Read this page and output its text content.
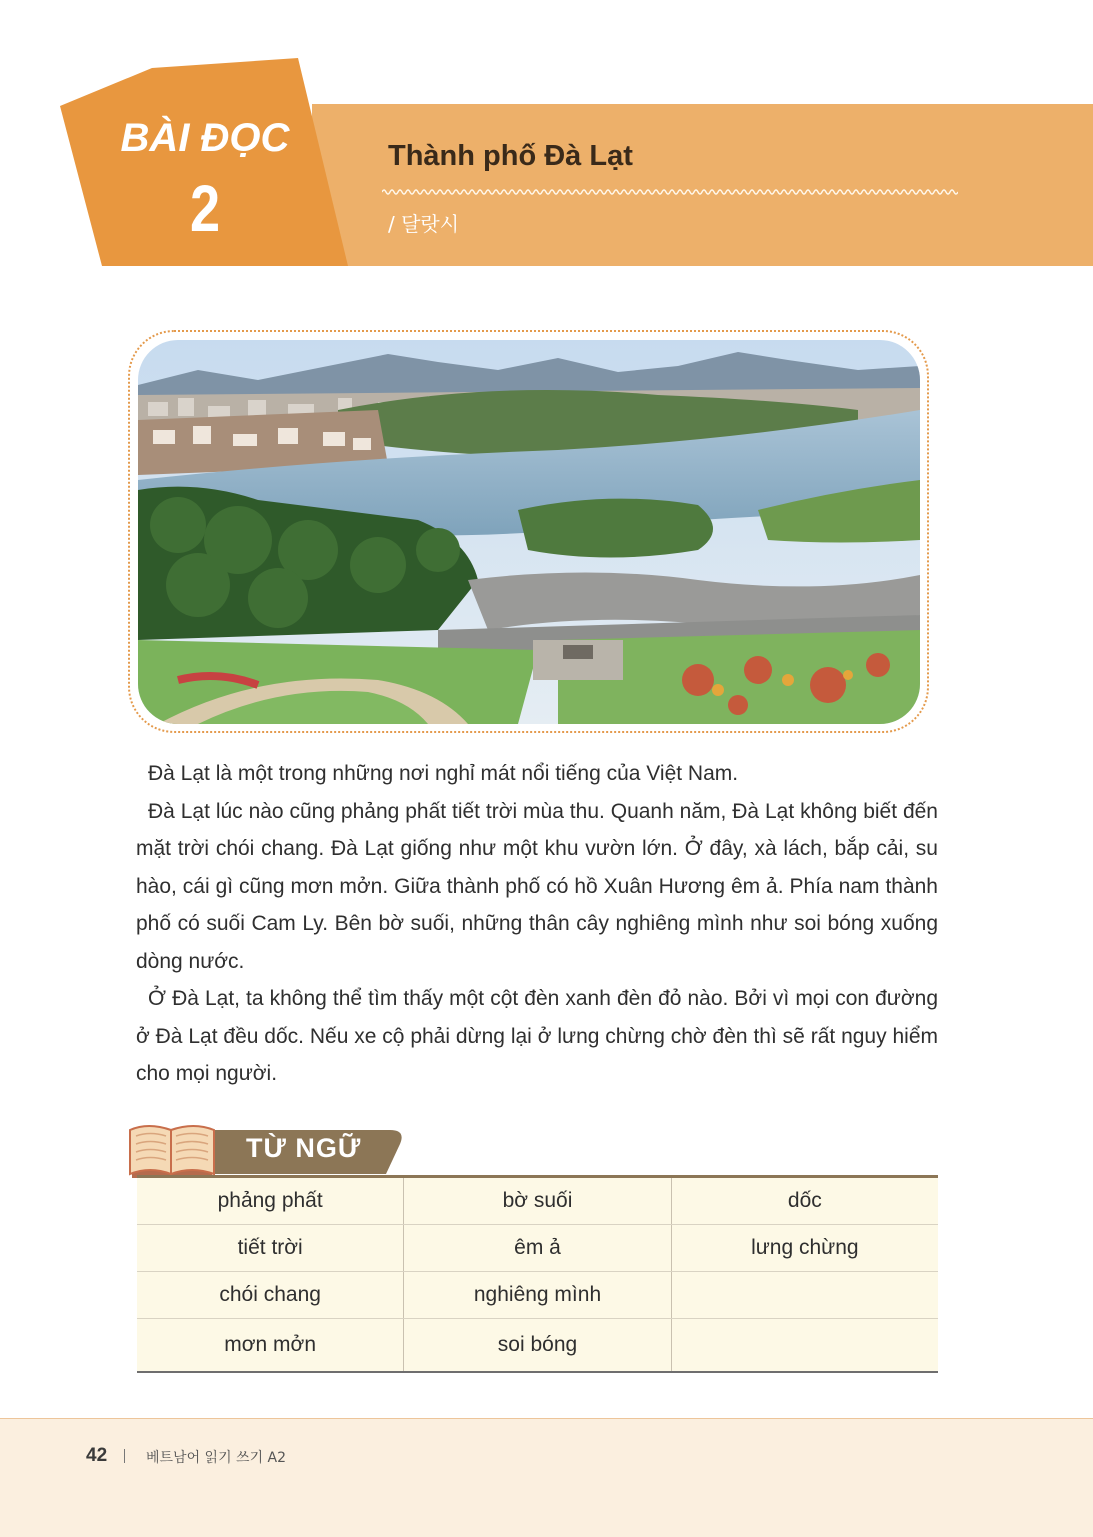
BÀI ĐỌC
2
Thành phố Đà Lạt
/ 달랏시

Đà Lạt là một trong những nơi nghỉ mát nổi tiếng của Việt Nam.

Đà Lạt lúc nào cũng phảng phất tiết trời mùa thu. Quanh năm, Đà Lạt không biết đến mặt trời chói chang. Đà Lạt giống như một khu vườn lớn. Ở đây, xà lách, bắp cải, su hào, cái gì cũng mơn mởn. Giữa thành phố có hồ Xuân Hương êm ả. Phía nam thành phố có suối Cam Ly. Bên bờ suối, những thân cây nghiêng mình như soi bóng xuống dòng nước.

Ở Đà Lạt, ta không thể tìm thấy một cột đèn xanh đèn đỏ nào. Bởi vì mọi con đường ở Đà Lạt đều dốc. Nếu xe cộ phải dừng lại ở lưng chừng chờ đèn thì sẽ rất nguy hiểm cho mọi người.

TỪ NGỮ
phảng phất	bờ suối	dốc
tiết trời	êm ả	lưng chừng
chói chang	nghiêng mình	
mơn mởn	soi bóng	
42	베트남어 읽기 쓰기 A2
